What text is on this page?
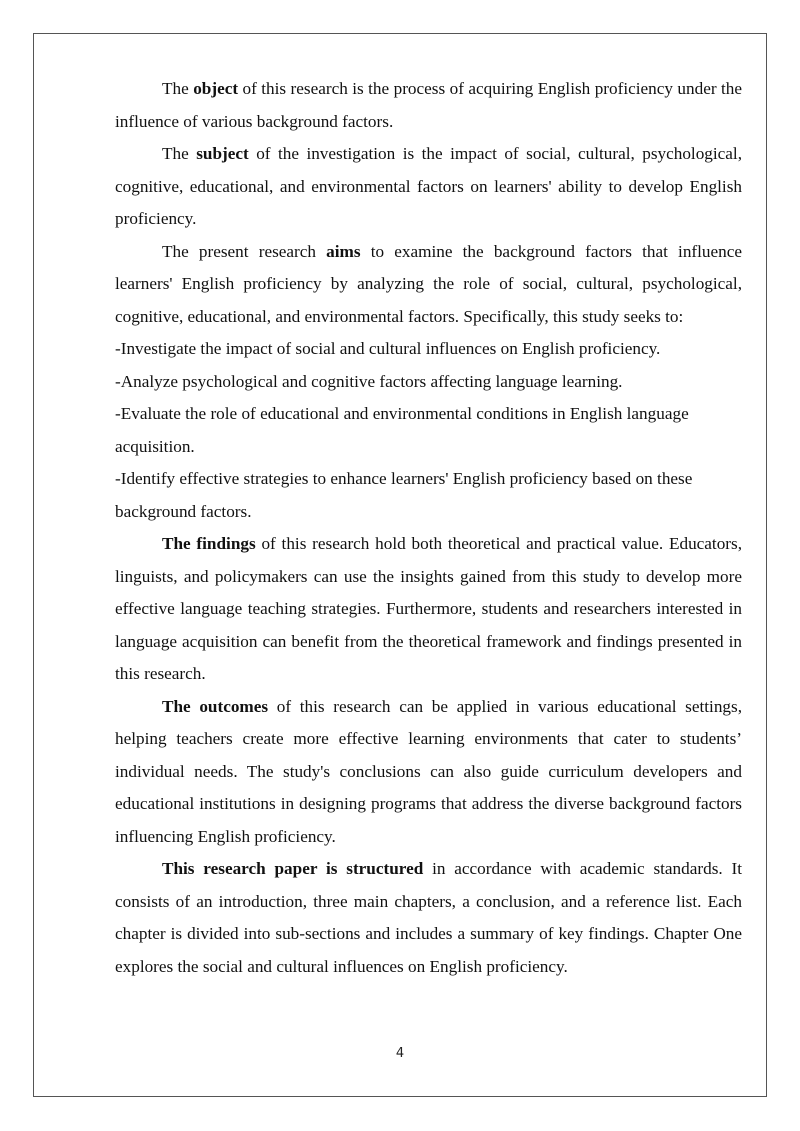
The object of this research is the process of acquiring English proficiency under the influence of various background factors.

The subject of the investigation is the impact of social, cultural, psychological, cognitive, educational, and environmental factors on learners' ability to develop English proficiency.

The present research aims to examine the background factors that influence learners' English proficiency by analyzing the role of social, cultural, psychological, cognitive, educational, and environmental factors. Specifically, this study seeks to:

-Investigate the impact of social and cultural influences on English proficiency.

-Analyze psychological and cognitive factors affecting language learning.

-Evaluate the role of educational and environmental conditions in English language acquisition.

-Identify effective strategies to enhance learners' English proficiency based on these background factors.

The findings of this research hold both theoretical and practical value. Educators, linguists, and policymakers can use the insights gained from this study to develop more effective language teaching strategies. Furthermore, students and researchers interested in language acquisition can benefit from the theoretical framework and findings presented in this research.

The outcomes of this research can be applied in various educational settings, helping teachers create more effective learning environments that cater to students’ individual needs. The study's conclusions can also guide curriculum developers and educational institutions in designing programs that address the diverse background factors influencing English proficiency.

This research paper is structured in accordance with academic standards. It consists of an introduction, three main chapters, a conclusion, and a reference list. Each chapter is divided into sub-sections and includes a summary of key findings. Chapter One explores the social and cultural influences on English proficiency.

4
